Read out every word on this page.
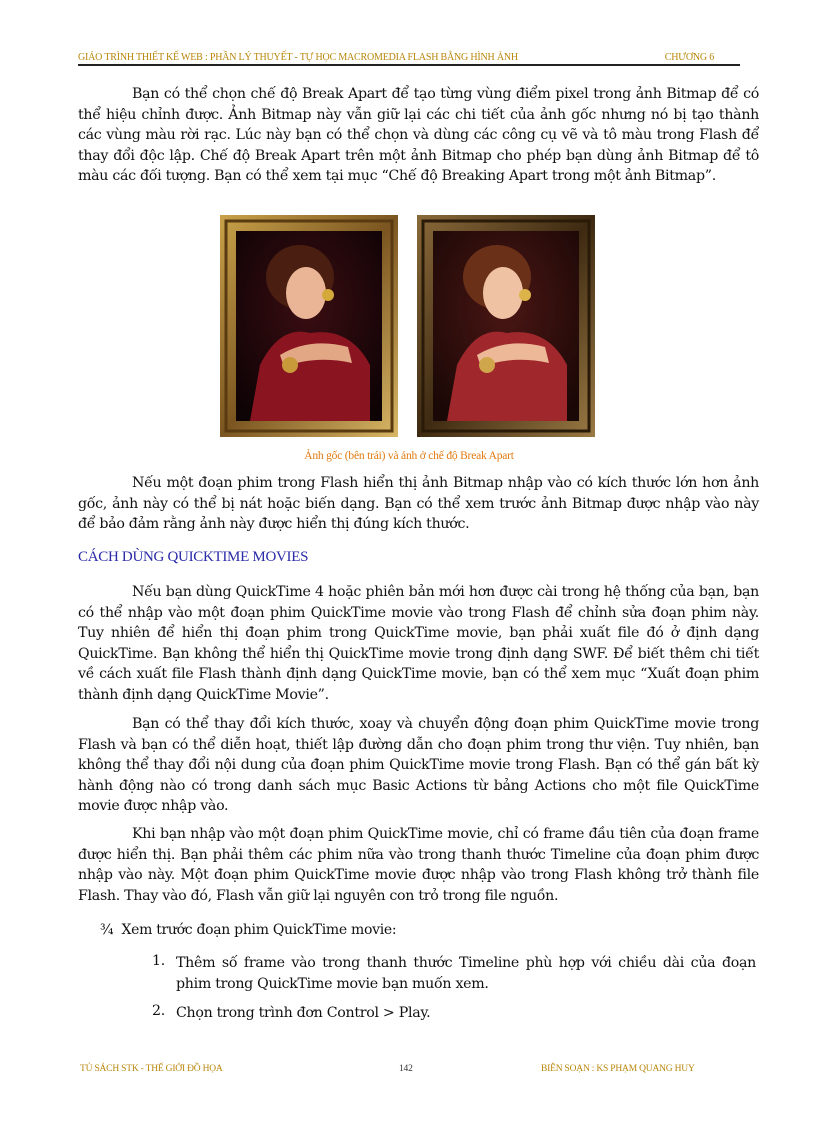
GIÁO TRÌNH THIẾT KẾ WEB : PHẦN LÝ THUYẾT - TỰ HỌC MACROMEDIA FLASH BẰNG HÌNH ẢNH	CHƯƠNG 6

Bạn có thể chọn chế độ Break Apart để tạo từng vùng điểm pixel trong ảnh Bitmap để có thể hiệu chỉnh được. Ảnh Bitmap này vẫn giữ lại các chi tiết của ảnh gốc nhưng nó bị tạo thành các vùng màu rời rạc. Lúc này bạn có thể chọn và dùng các công cụ vẽ và tô màu trong Flash để thay đổi độc lập. Chế độ Break Apart trên một ảnh Bitmap cho phép bạn dùng ảnh Bitmap để tô màu các đối tượng. Bạn có thể xem tại mục “Chế độ Breaking Apart trong một ảnh Bitmap”.

Ảnh gốc (bên trái) và ảnh ở chế độ Break Apart

Nếu một đoạn phim trong Flash hiển thị ảnh Bitmap nhập vào có kích thước lớn hơn ảnh gốc, ảnh này có thể bị nát hoặc biến dạng. Bạn có thể xem trước ảnh Bitmap được nhập vào này để bảo đảm rằng ảnh này được hiển thị đúng kích thước.

CÁCH DÙNG QUICKTIME MOVIES

Nếu bạn dùng QuickTime 4 hoặc phiên bản mới hơn được cài trong hệ thống của bạn, bạn có thể nhập vào một đoạn phim QuickTime movie vào trong Flash để chỉnh sửa đoạn phim này. Tuy nhiên để hiển thị đoạn phim trong QuickTime movie, bạn phải xuất file đó ở định dạng QuickTime. Bạn không thể hiển thị QuickTime movie trong định dạng SWF. Để biết thêm chi tiết về cách xuất file Flash thành định dạng QuickTime movie, bạn có thể xem mục “Xuất đoạn phim thành định dạng QuickTime Movie”.

Bạn có thể thay đổi kích thước, xoay và chuyển động đoạn phim QuickTime movie trong Flash và bạn có thể diễn hoạt, thiết lập đường dẫn cho đoạn phim trong thư viện. Tuy nhiên, bạn không thể thay đổi nội dung của đoạn phim QuickTime movie trong Flash. Bạn có thể gán bất kỳ hành động nào có trong danh sách mục Basic Actions từ bảng Actions cho một file QuickTime movie được nhập vào.

Khi bạn nhập vào một đoạn phim QuickTime movie, chỉ có frame đầu tiên của đoạn frame được hiển thị. Bạn phải thêm các phim nữa vào trong thanh thước Timeline của đoạn phim được nhập vào này. Một đoạn phim QuickTime movie được nhập vào trong Flash không trở thành file Flash. Thay vào đó, Flash vẫn giữ lại nguyên con trỏ trong file nguồn.

¾ Xem trước đoạn phim QuickTime movie:

1. Thêm số frame vào trong thanh thước Timeline phù hợp với chiều dài của đoạn phim trong QuickTime movie bạn muốn xem.
2. Chọn trong trình đơn Control > Play.
TỦ SÁCH STK - THẾ GIỚI ĐỒ HỌA	142	BIÊN SOẠN : KS PHẠM QUANG HUY
